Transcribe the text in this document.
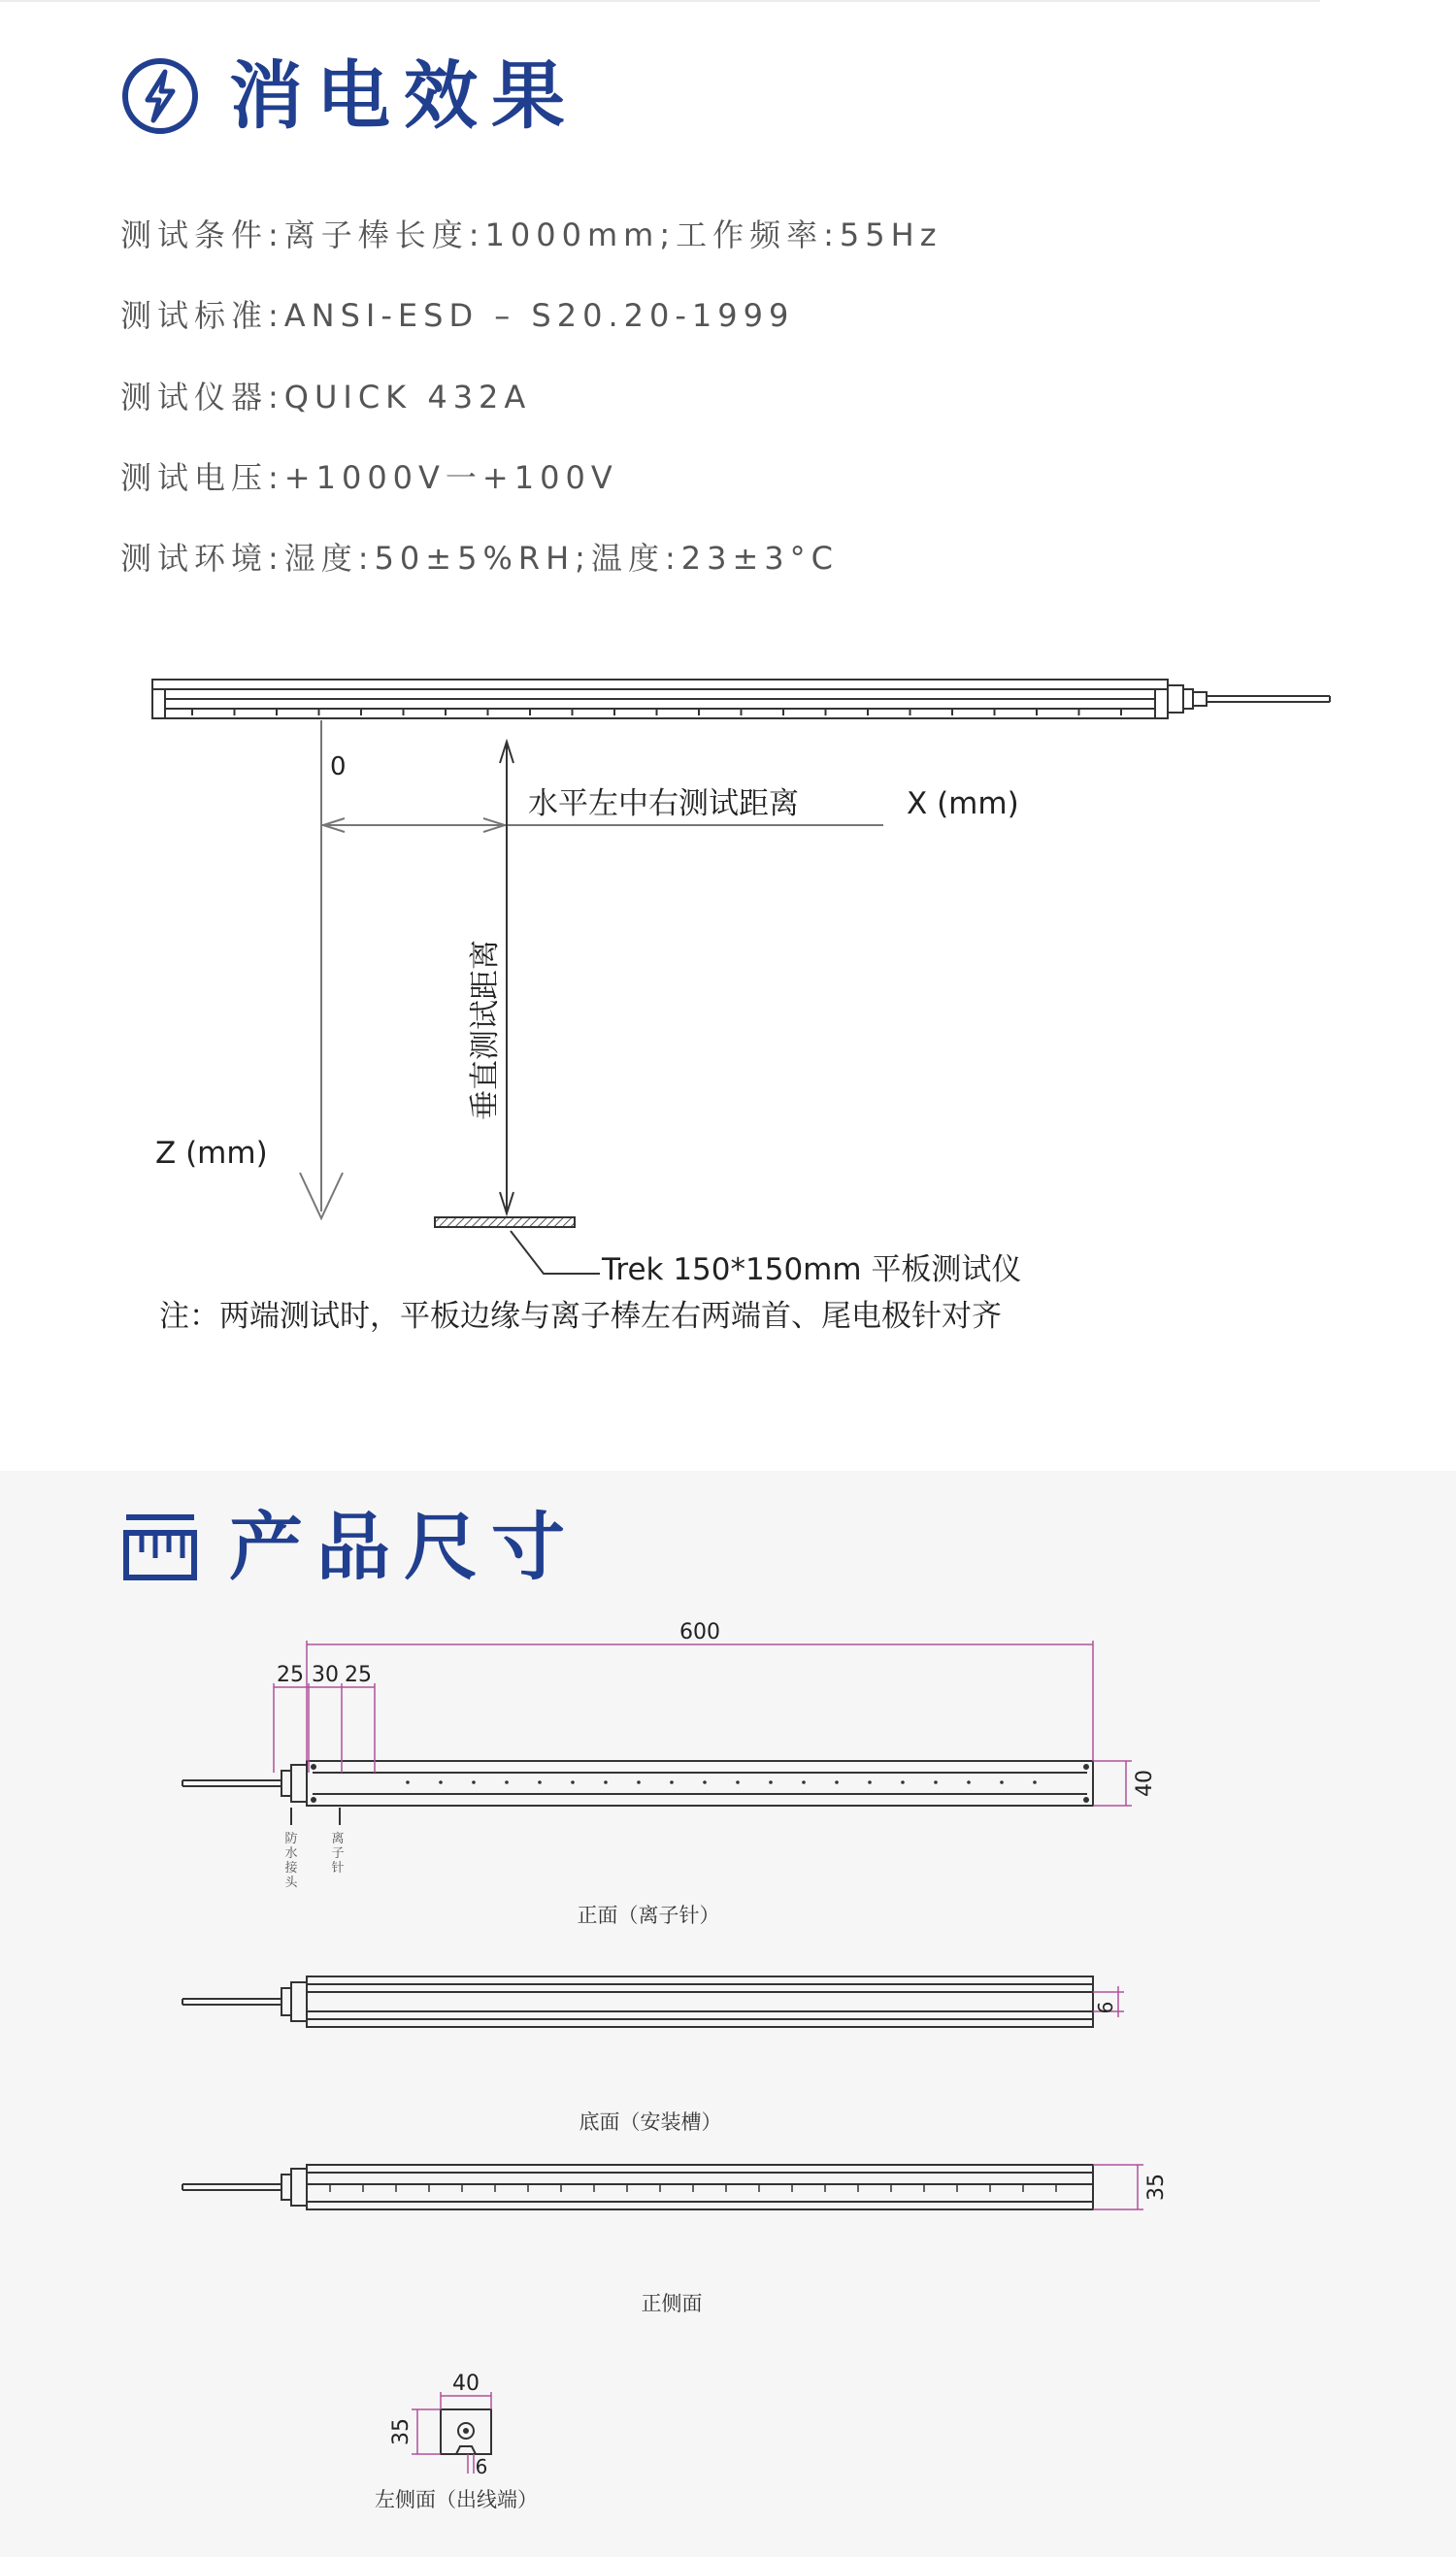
消电效果
测试条件:离子棒长度:1000mm;工作频率:55Hz
测试标准:ANSI-ESD – S20.20-1999
测试仪器:QUICK 432A
测试电压:+1000V一+100V
测试环境:湿度:50±5%RH;温度:23±3°C
0
水平左中右测试距离	X (mm)
垂直测试距离
Z (mm)
Trek 150*150mm 平板测试仪
注：两端测试时，平板边缘与离子棒左右两端首、尾电极针对齐
产品尺寸
600
25 30 25
40
防
水
接
头
离
子
针
正面（离子针）
6
底面（安装槽）
35
正侧面
40
35
6
左侧面（出线端）
